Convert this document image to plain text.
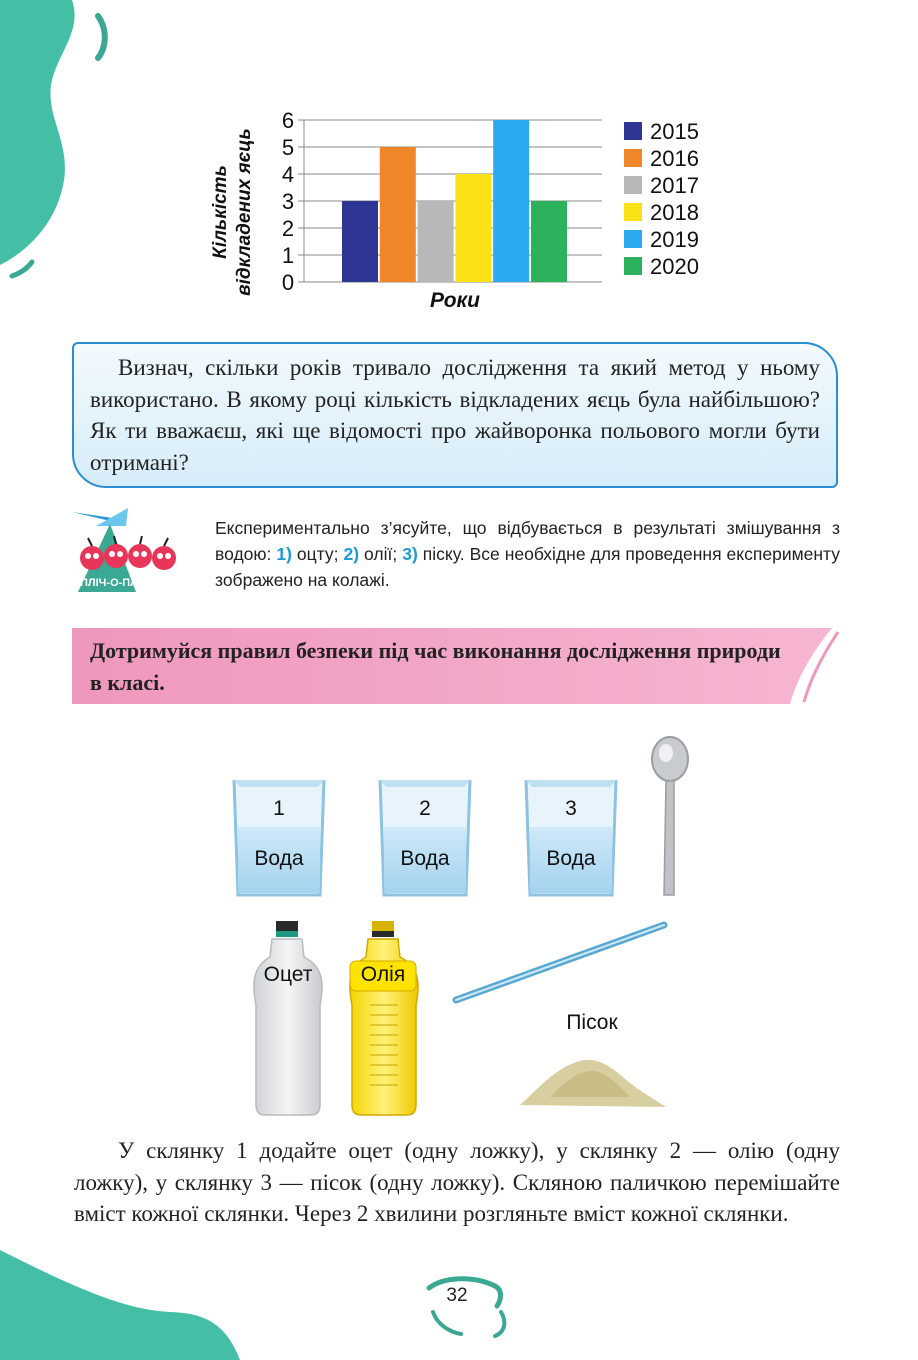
0
1
2
3
4
5
6	2015
2016
2017
2018
2019
2020
Роки
Кількість відкладених яєць
Визнач, скільки років тривало дослідження та який метод у ньому використано. В якому році кількість відкладених яєць була найбільшою? Як ти вважаєш, які ще відомості про жайворонка польового могли бути отримані?
ПЛІЧ-О-ПЛІЧ
Експериментально з’ясуйте, що відбувається в результаті змішування з водою: 1) оцту; 2) олії; 3) піску. Все необхідне для проведення експерименту зображено на колажі.
Дотримуйся правил безпеки під час виконання дослідження природи в класі.
1
Вода
2
Вода
3
Вода
Оцет Олія
Пісок
У склянку 1 додайте оцет (одну ложку), у склянку 2 — олію (одну ложку), у склянку 3 — пісок (одну ложку). Скляною паличкою перемішайте вміст кожної склянки. Через 2 хвилини розгляньте вміст кожної склянки.
32
